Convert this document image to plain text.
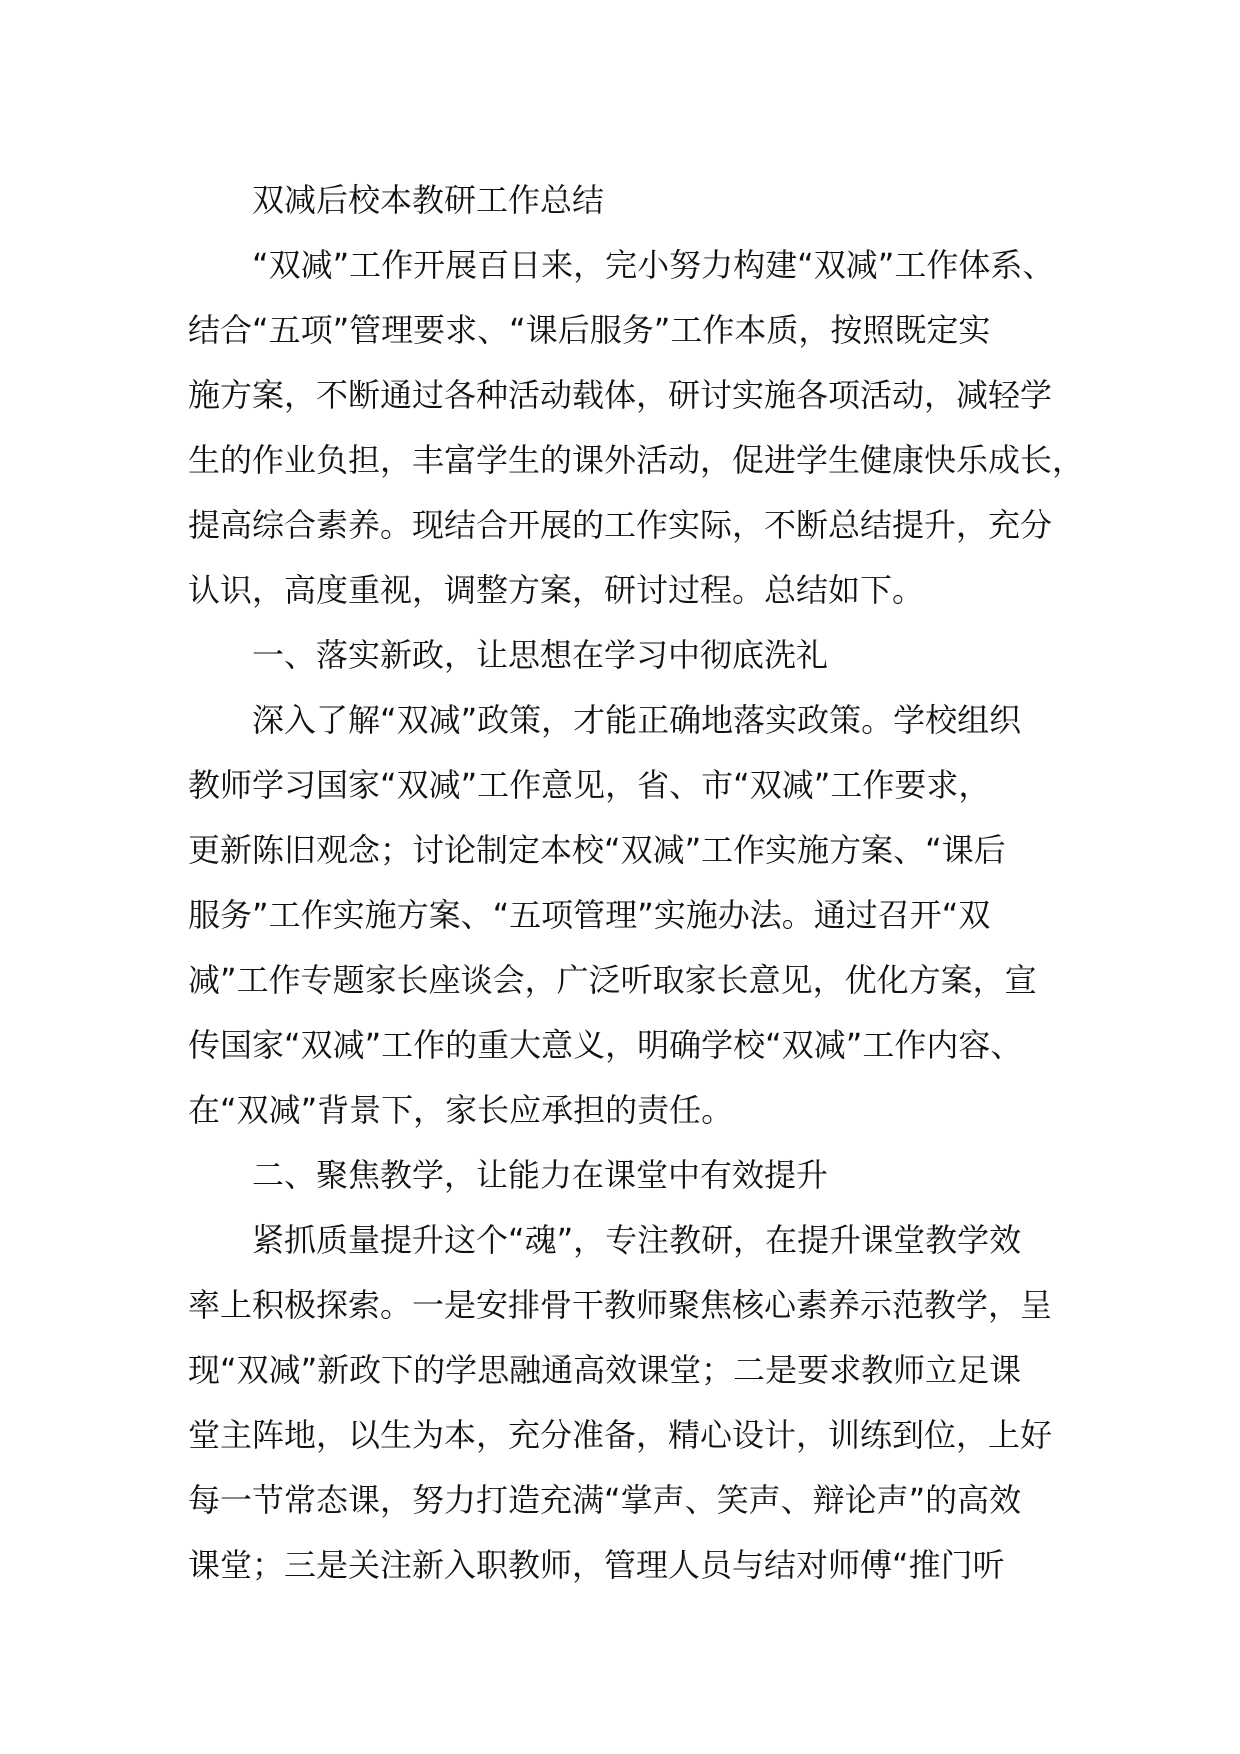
双减后校本教研工作总结
“双减”工作开展百日来，完小努力构建“双减”工作体系、
结合“五项”管理要求、“课后服务”工作本质，按照既定实
施方案，不断通过各种活动载体，研讨实施各项活动，减轻学
生的作业负担，丰富学生的课外活动，促进学生健康快乐成长，
提高综合素养。现结合开展的工作实际，不断总结提升，充分
认识，高度重视，调整方案，研讨过程。总结如下。
一、落实新政，让思想在学习中彻底洗礼
深入了解“双减”政策，才能正确地落实政策。学校组织
教师学习国家“双减”工作意见，省、市“双减”工作要求，
更新陈旧观念；讨论制定本校“双减”工作实施方案、“课后
服务”工作实施方案、“五项管理”实施办法。通过召开“双
减”工作专题家长座谈会，广泛听取家长意见，优化方案，宣
传国家“双减”工作的重大意义，明确学校“双减”工作内容、
在“双减”背景下，家长应承担的责任。
二、聚焦教学，让能力在课堂中有效提升
紧抓质量提升这个“魂”，专注教研，在提升课堂教学效
率上积极探索。一是安排骨干教师聚焦核心素养示范教学，呈
现“双减”新政下的学思融通高效课堂；二是要求教师立足课
堂主阵地，以生为本，充分准备，精心设计，训练到位，上好
每一节常态课，努力打造充满“掌声、笑声、辩论声”的高效
课堂；三是关注新入职教师，管理人员与结对师傅“推门听
